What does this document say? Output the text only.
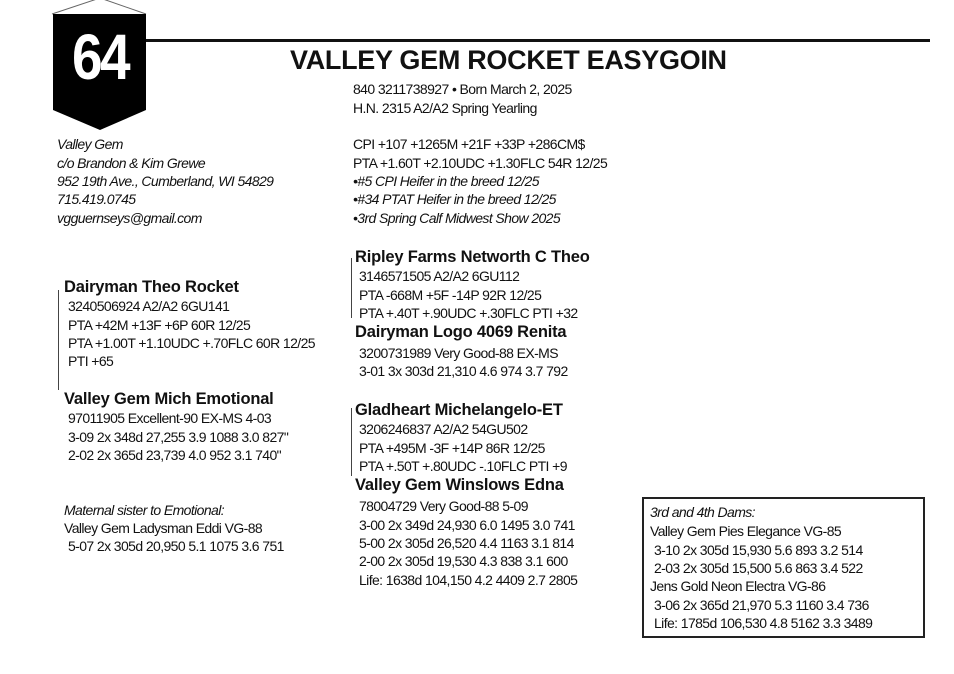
64	VALLEY GEM ROCKET EASYGOIN
840 3211738927 • Born March 2, 2025
H.N. 2315 A2/A2 Spring Yearling
CPI +107 +1265M +21F +33P +286CM$
PTA +1.60T +2.10UDC +1.30FLC 54R 12/25
•#5 CPI Heifer in the breed 12/25
•#34 PTAT Heifer in the breed 12/25
•3rd Spring Calf Midwest Show 2025
Valley Gem
c/o Brandon & Kim Grewe
952 19th Ave., Cumberland, WI 54829
715.419.0745
vgguernseys@gmail.com
Dairyman Theo Rocket
3240506924 A2/A2 6GU141
PTA +42M +13F +6P 60R 12/25
PTA +1.00T +1.10UDC +.70FLC 60R 12/25
PTI +65
Valley Gem Mich Emotional
97011905 Excellent-90 EX-MS 4-03
3-09 2x 348d 27,255 3.9 1088 3.0 827"
2-02 2x 365d 23,739 4.0 952 3.1 740"
Maternal sister to Emotional:
Valley Gem Ladysman Eddi VG-88
5-07 2x 305d 20,950 5.1 1075 3.6 751
Ripley Farms Networth C Theo
3146571505 A2/A2 6GU112
PTA -668M +5F -14P 92R 12/25
PTA +.40T +.90UDC +.30FLC PTI +32
Dairyman Logo 4069 Renita
3200731989 Very Good-88 EX-MS
3-01 3x 303d 21,310 4.6 974 3.7 792
Gladheart Michelangelo-ET
3206246837 A2/A2 54GU502
PTA +495M -3F +14P 86R 12/25
PTA +.50T +.80UDC -.10FLC PTI +9
Valley Gem Winslows Edna
78004729 Very Good-88 5-09
3-00 2x 349d 24,930 6.0 1495 3.0 741
5-00 2x 305d 26,520 4.4 1163 3.1 814
2-00 2x 305d 19,530 4.3 838 3.1 600
Life: 1638d 104,150 4.2 4409 2.7 2805
3rd and 4th Dams:
Valley Gem Pies Elegance VG-85
3-10 2x 305d 15,930 5.6 893 3.2 514
2-03 2x 305d 15,500 5.6 863 3.4 522
Jens Gold Neon Electra VG-86
3-06 2x 365d 21,970 5.3 1160 3.4 736
Life: 1785d 106,530 4.8 5162 3.3 3489
